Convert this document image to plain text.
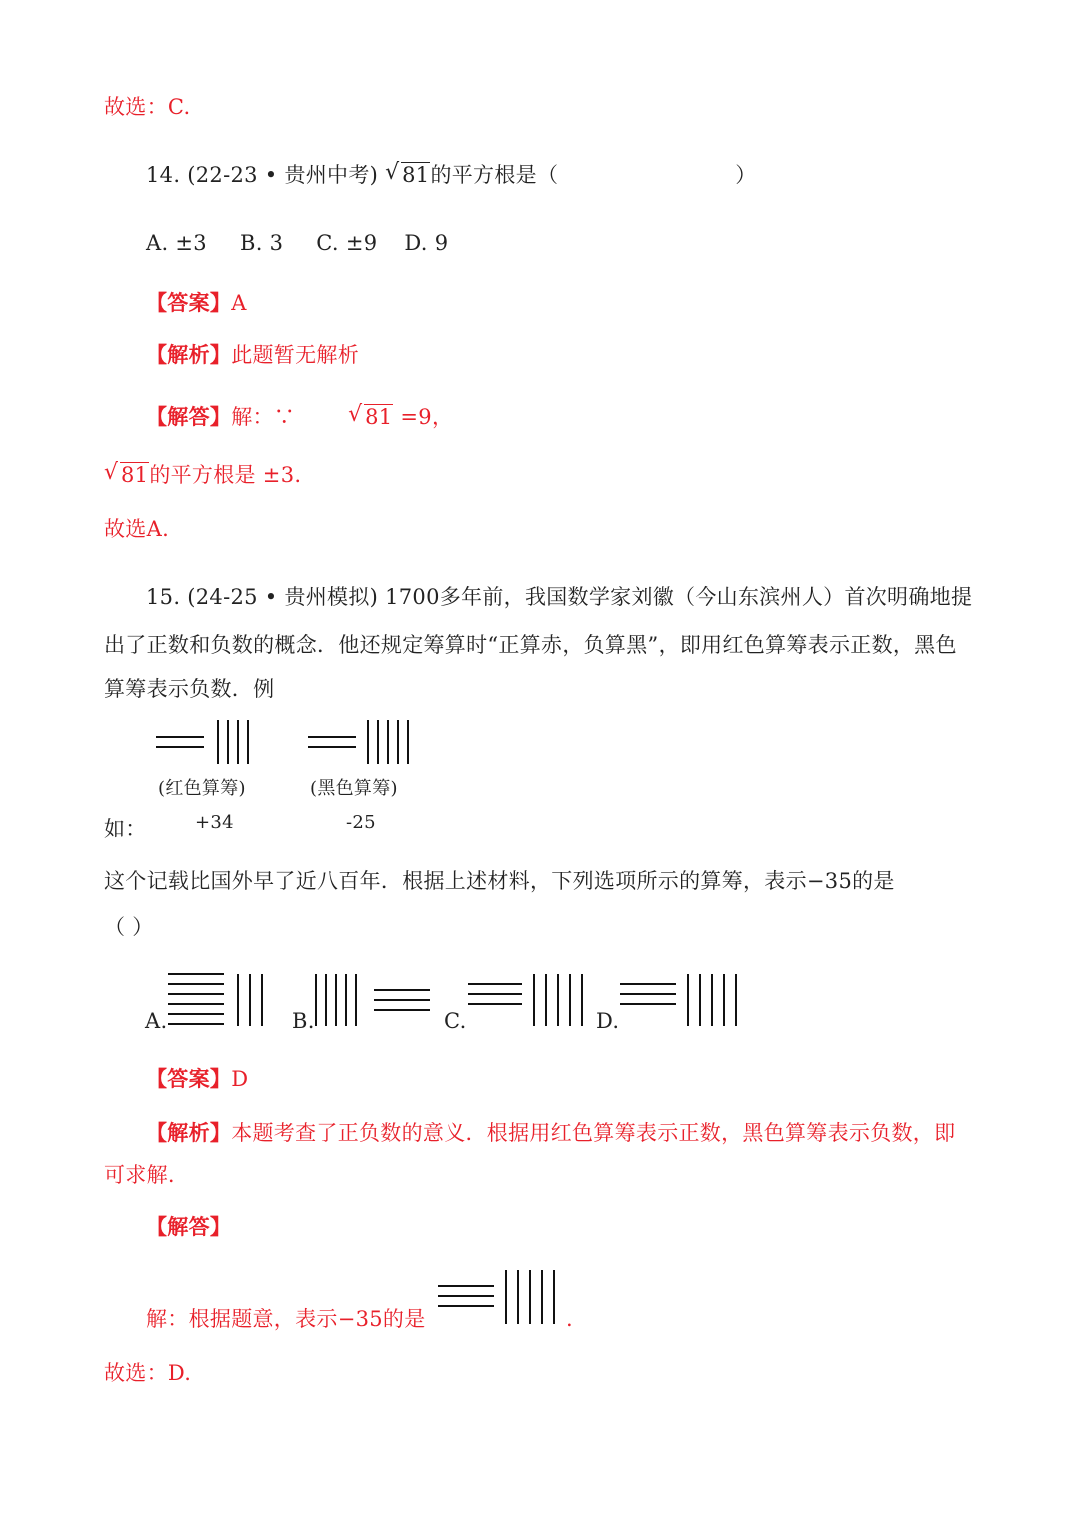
故选：C.
14. (22-23 • 贵州中考) √ 81的平方根是（	）
A. ±3 B. 3 C. ±9 D. 9
【答案】A
【解析】此题暂无解析
【解答】解：∵ √ 81 =9，
√ 81的平方根是 ±3.
故选A.
15. (24-25 • 贵州模拟) 1700多年前，我国数学家刘徽（今山东滨州人）首次明确地提
出了正数和负数的概念．他还规定筹算时“正算赤，负算黑”，即用红色算筹表示正数，黑色
算筹表示负数．例
(红色算筹)	(黑色算筹)
如：	+34	-25
这个记载比国外早了近八百年．根据上述材料，下列选项所示的算筹，表示−35的是
（ ）
A.	B.	C.	D.
【答案】D
【解析】本题考查了正负数的意义．根据用红色算筹表示正数，黑色算筹表示负数，即
可求解.
【解答】
解：根据题意，表示−35的是	.
故选：D.
